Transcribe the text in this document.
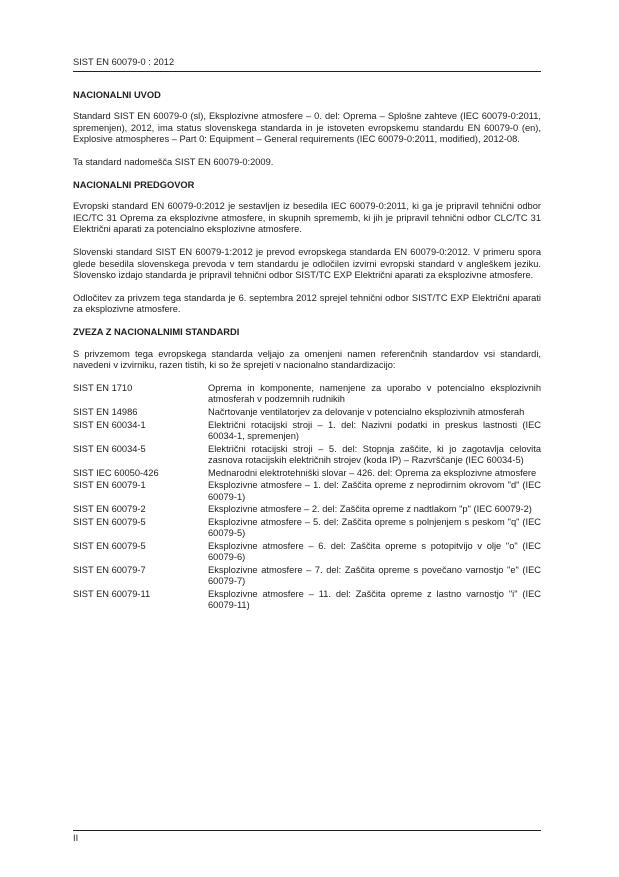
SIST EN 60079-0 : 2012
NACIONALNI UVOD

Standard SIST EN 60079-0 (sl), Eksplozivne atmosfere – 0. del: Oprema – Splošne zahteve (IEC 60079-0:2011, spremenjen), 2012, ima status slovenskega standarda in je istoveten evropskemu standardu EN 60079-0 (en), Explosive atmospheres – Part 0: Equipment – General requirements (IEC 60079-0:2011, modified), 2012-08.

Ta standard nadomešča SIST EN 60079-0:2009.

NACIONALNI PREDGOVOR

Evropski standard EN 60079-0:2012 je sestavljen iz besedila IEC 60079-0:2011, ki ga je pripravil tehnični odbor IEC/TC 31 Oprema za eksplozivne atmosfere, in skupnih sprememb, ki jih je pripravil tehnični odbor CLC/TC 31 Električni aparati za potencialno eksplozivne atmosfere.

Slovenski standard SIST EN 60079-1:2012 je prevod evropskega standarda EN 60079-0:2012. V primeru spora glede besedila slovenskega prevoda v tem standardu je odločilen izvirni evropski standard v angleškem jeziku. Slovensko izdajo standarda je pripravil tehnični odbor SIST/TC EXP Električni aparati za eksplozivne atmosfere.

Odločitev za privzem tega standarda je 6. septembra 2012 sprejel tehnični odbor SIST/TC EXP Električni aparati za eksplozivne atmosfere.

ZVEZA Z NACIONALNIMI STANDARDI

S privzemom tega evropskega standarda veljajo za omenjeni namen referenčnih standardov vsi standardi, navedeni v izvirniku, razen tistih, ki so že sprejeti v nacionalno standardizacijo:

SIST EN 1710	Oprema in komponente, namenjene za uporabo v potencialno eksplozivnih atmosferah v podzemnih rudnikih
SIST EN 14986	Načrtovanje ventilatorjev za delovanje v potencialno eksplozivnih atmosferah
SIST EN 60034-1	Električni rotacijski stroji – 1. del: Nazivni podatki in preskus lastnosti (IEC 60034-1, spremenjen)
SIST EN 60034-5	Električni rotacijski stroji – 5. del: Stopnja zaščite, ki jo zagotavlja celovita zasnova rotacijskih električnih strojev (koda IP) – Razvrščanje (IEC 60034-5)
SIST IEC 60050-426	Mednarodni elektrotehniški slovar – 426. del: Oprema za eksplozivne atmosfere
SIST EN 60079-1	Eksplozivne atmosfere – 1. del: Zaščita opreme z neprodirnim okrovom "d" (IEC 60079-1)
SIST EN 60079-2	Eksplozivne atmosfere – 2. del: Zaščita opreme z nadtlakom "p" (IEC 60079-2)
SIST EN 60079-5	Eksplozivne atmosfere – 5. del: Zaščita opreme s polnjenjem s peskom "q" (IEC 60079-5)
SIST EN 60079-5	Eksplozivne atmosfere – 6. del: Zaščita opreme s potopitvijo v olje "o" (IEC 60079-6)
SIST EN 60079-7	Eksplozivne atmosfere – 7. del: Zaščita opreme s povečano varnostjo "e" (IEC 60079-7)
SIST EN 60079-11	Eksplozivne atmosfere – 11. del: Zaščita opreme z lastno varnostjo "i" (IEC 60079-11)
II
